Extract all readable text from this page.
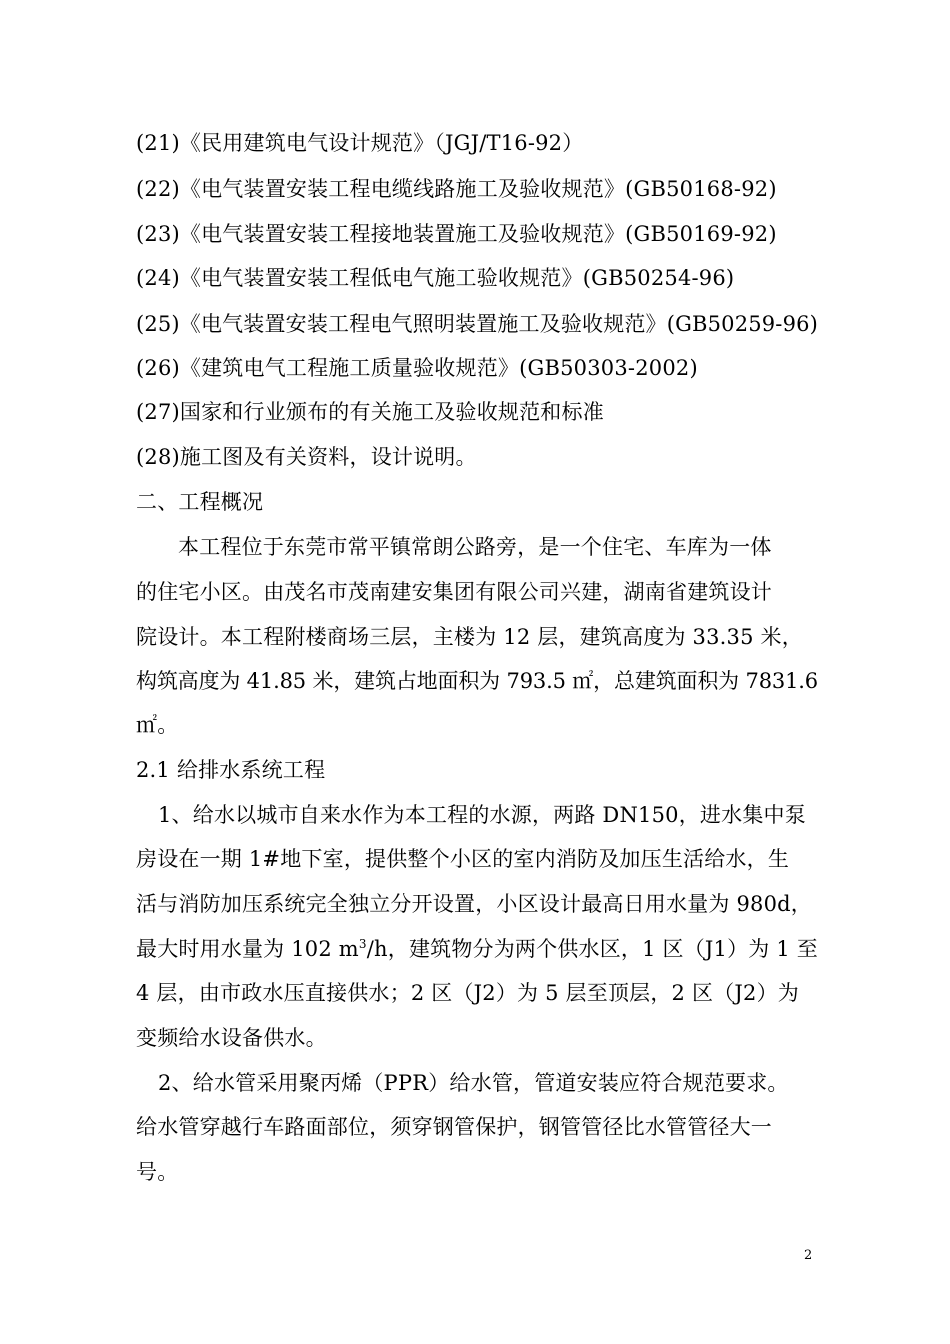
(21)《民用建筑电气设计规范》（JGJ/T16-92）
(22)《电气装置安装工程电缆线路施工及验收规范》(GB50168-92)
(23)《电气装置安装工程接地装置施工及验收规范》(GB50169-92)
(24)《电气装置安装工程低电气施工验收规范》(GB50254-96)
(25)《电气装置安装工程电气照明装置施工及验收规范》(GB50259-96)
(26)《建筑电气工程施工质量验收规范》(GB50303-2002)
(27)国家和行业颁布的有关施工及验收规范和标准
(28)施工图及有关资料，设计说明。
二、工程概况
本工程位于东莞市常平镇常朗公路旁，是一个住宅、车库为一体
的住宅小区。由茂名市茂南建安集团有限公司兴建，湖南省建筑设计
院设计。本工程附楼商场三层，主楼为 12 层，建筑高度为 33.35 米，
构筑高度为 41.85 米，建筑占地面积为 793.5 ㎡，总建筑面积为 7831.6
㎡。
2.1 给排水系统工程
1、给水以城市自来水作为本工程的水源，两路 DN150，进水集中泵
房设在一期 1#地下室，提供整个小区的室内消防及加压生活给水，生
活与消防加压系统完全独立分开设置，小区设计最高日用水量为 980d，
最大时用水量为 102 $m^3/h$，建筑物分为两个供水区，1 区（J1）为 1 至
4 层，由市政水压直接供水；2 区（J2）为 5 层至顶层，2 区（J2）为
变频给水设备供水。
2、给水管采用聚丙烯（PPR）给水管，管道安装应符合规范要求。
给水管穿越行车路面部位，须穿钢管保护，钢管管径比水管管径大一
号。
2
